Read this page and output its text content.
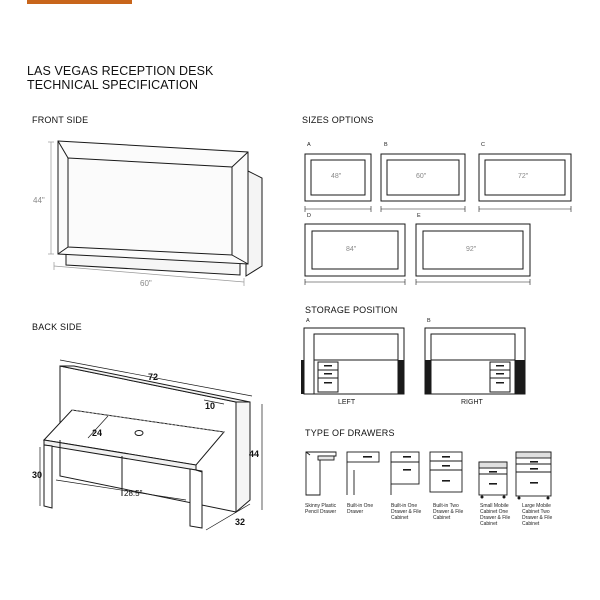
LAS VEGAS RECEPTION DESK
TECHNICAL SPECIFICATION
FRONT SIDE
BACK SIDE
SIZES OPTIONS
STORAGE POSITION
TYPE OF DRAWERS
44"
60"
72
10
24
44
30
28.5"
32
A	B	C
D	E
48"	60"	72"
84"	92"
A	B
LEFT	RIGHT
Skinny Plastic Pencil Drawer
Built-in One Drawer
Built-in One Drawer & File Cabinet
Built-in Two Drawer & File Cabinet
Small Mobile Cabinet One Drawer & File Cabinet
Large Mobile Cabinet Two Drawer & File Cabinet
